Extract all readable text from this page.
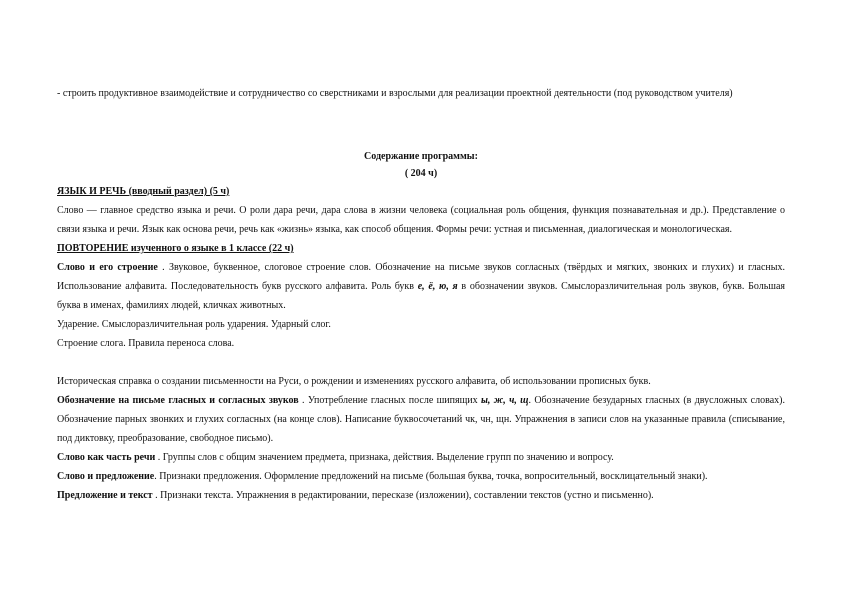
- строить продуктивное взаимодействие и сотрудничество со сверстниками и взрослыми для реализации проектной деятельности (под руководством учителя)

Содержание программы:

( 204 ч)

ЯЗЫК И РЕЧЬ (вводный раздел) (5 ч)

Слово — главное средство языка и речи. О роли дара речи, дара слова в жизни человека (социальная роль общения, функция познавательная и др.). Представление о связи языка и речи. Язык как основа речи, речь как «жизнь» языка, как способ общения. Формы речи: устная и письменная, диалогическая и монологическая.

ПОВТОРЕНИЕ изученного о языке в 1 классе (22 ч)

Слово и его строение . Звуковое, буквенное, слоговое строение слов. Обозначение на письме звуков согласных (твёрдых и мягких, звонких и глухих) и гласных. Использование алфавита. Последовательность букв русского алфавита. Роль букв е, ё, ю, я в обозначении звуков. Смыслоразличительная роль звуков, букв. Большая буква в именах, фамилиях людей, кличках животных.

Ударение. Смыслоразличительная роль ударения. Ударный слог.

Строение слога. Правила переноса слова.

Историческая справка о создании письменности на Руси, о рождении и изменениях русского алфавита, об использовании прописных букв.

Обозначение на письме гласных и согласных звуков . Употребление гласных после шипящих ы, ж, ч, щ. Обозначение безударных гласных (в двусложных словах). Обозначение парных звонких и глухих согласных (на конце слов). Написание буквосочетаний чк, чн, щн. Упражнения в записи слов на указанные правила (списывание, под диктовку, преобразование, свободное письмо).

Слово как часть речи . Группы слов с общим значением предмета, признака, действия. Выделение групп по значению и вопросу.

Слово и предложение. Признаки предложения. Оформление предложений на письме (большая буква, точка, вопросительный, восклицательный знаки).

Предложение и текст . Признаки текста. Упражнения в редактировании, пересказе (изложении), составлении текстов (устно и письменно).
